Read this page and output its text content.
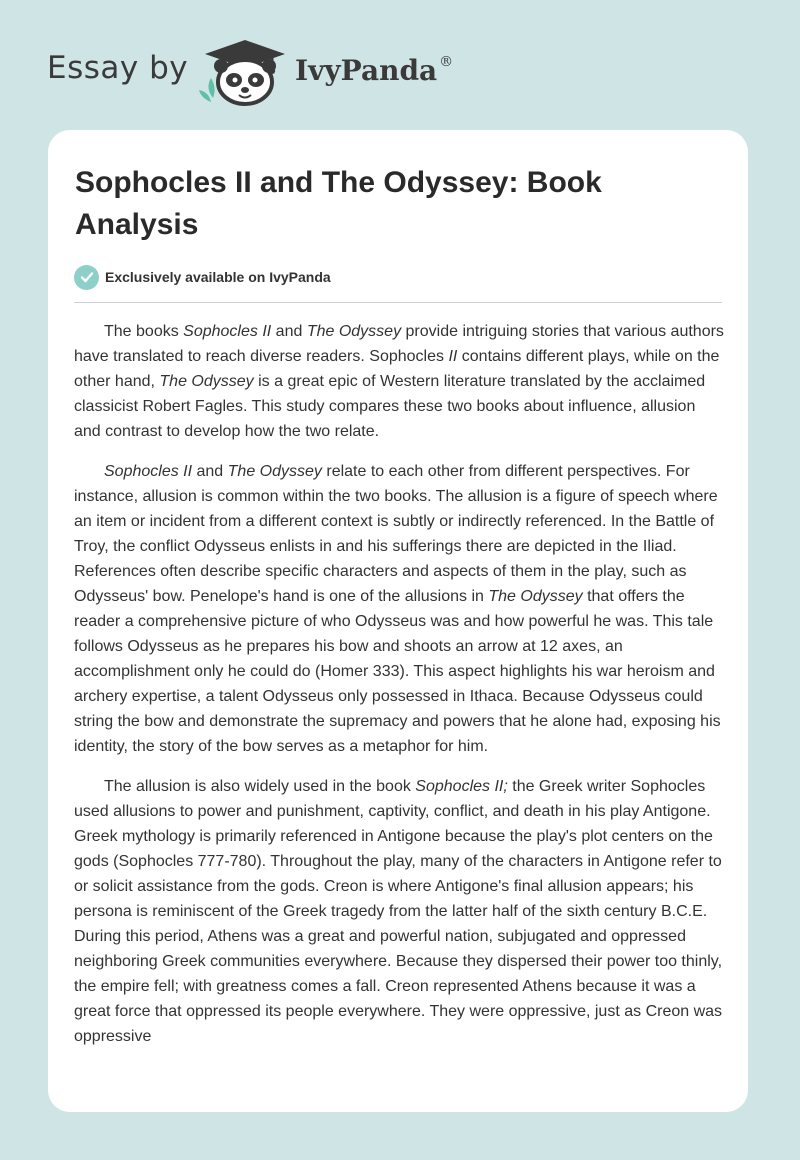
Essay by	IvyPanda ®
Sophocles II and The Odyssey: Book Analysis
Exclusively available on IvyPanda

The books Sophocles II and The Odyssey provide intriguing stories that various authors have translated to reach diverse readers. Sophocles II contains different plays, while on the other hand, The Odyssey is a great epic of Western literature translated by the acclaimed classicist Robert Fagles. This study compares these two books about influence, allusion and contrast to develop how the two relate.

Sophocles II and The Odyssey relate to each other from different perspectives. For instance, allusion is common within the two books. The allusion is a figure of speech where an item or incident from a different context is subtly or indirectly referenced. In the Battle of Troy, the conflict Odysseus enlists in and his sufferings there are depicted in the Iliad. References often describe specific characters and aspects of them in the play, such as Odysseus' bow. Penelope's hand is one of the allusions in The Odyssey that offers the reader a comprehensive picture of who Odysseus was and how powerful he was. This tale follows Odysseus as he prepares his bow and shoots an arrow at 12 axes, an accomplishment only he could do (Homer 333). This aspect highlights his war heroism and archery expertise, a talent Odysseus only possessed in Ithaca. Because Odysseus could string the bow and demonstrate the supremacy and powers that he alone had, exposing his identity, the story of the bow serves as a metaphor for him.

The allusion is also widely used in the book Sophocles II; the Greek writer Sophocles used allusions to power and punishment, captivity, conflict, and death in his play Antigone. Greek mythology is primarily referenced in Antigone because the play's plot centers on the gods (Sophocles 777-780). Throughout the play, many of the characters in Antigone refer to or solicit assistance from the gods. Creon is where Antigone's final allusion appears; his persona is reminiscent of the Greek tragedy from the latter half of the sixth century B.C.E. During this period, Athens was a great and powerful nation, subjugated and oppressed neighboring Greek communities everywhere. Because they dispersed their power too thinly, the empire fell; with greatness comes a fall. Creon represented Athens because it was a great force that oppressed its people everywhere. They were oppressive, just as Creon was oppressive
